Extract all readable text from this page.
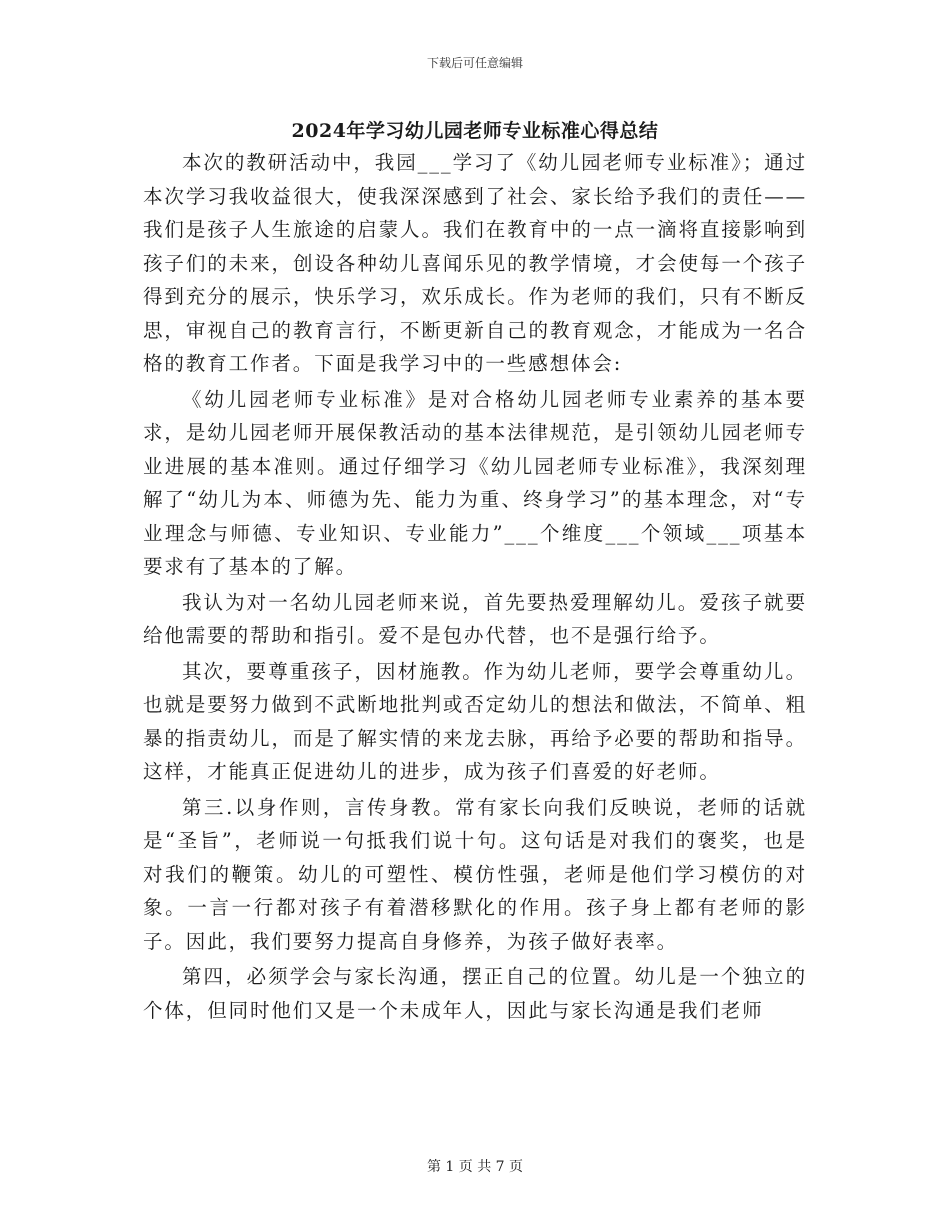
下载后可任意编辑
2024年学习幼儿园老师专业标准心得总结

本次的教研活动中，我园___学习了《幼儿园老师专业标准》；通过本次学习我收益很大，使我深深感到了社会、家长给予我们的责任——我们是孩子人生旅途的启蒙人。我们在教育中的一点一滴将直接影响到孩子们的未来，创设各种幼儿喜闻乐见的教学情境，才会使每一个孩子得到充分的展示，快乐学习，欢乐成长。作为老师的我们，只有不断反思，审视自己的教育言行，不断更新自己的教育观念，才能成为一名合格的教育工作者。下面是我学习中的一些感想体会:

《幼儿园老师专业标准》是对合格幼儿园老师专业素养的基本要求，是幼儿园老师开展保教活动的基本法律规范，是引领幼儿园老师专业进展的基本准则。通过仔细学习《幼儿园老师专业标准》，我深刻理解了“幼儿为本、师德为先、能力为重、终身学习”的基本理念，对“专业理念与师德、专业知识、专业能力”___个维度___个领域___项基本要求有了基本的了解。

我认为对一名幼儿园老师来说，首先要热爱理解幼儿。爱孩子就要给他需要的帮助和指引。爱不是包办代替，也不是强行给予。

其次，要尊重孩子，因材施教。作为幼儿老师，要学会尊重幼儿。也就是要努力做到不武断地批判或否定幼儿的想法和做法，不简单、粗暴的指责幼儿，而是了解实情的来龙去脉，再给予必要的帮助和指导。这样，才能真正促进幼儿的进步，成为孩子们喜爱的好老师。

第三.以身作则，言传身教。常有家长向我们反映说，老师的话就是“圣旨”，老师说一句抵我们说十句。这句话是对我们的褒奖，也是对我们的鞭策。幼儿的可塑性、模仿性强，老师是他们学习模仿的对象。一言一行都对孩子有着潜移默化的作用。孩子身上都有老师的影子。因此，我们要努力提高自身修养，为孩子做好表率。

第四，必须学会与家长沟通，摆正自己的位置。幼儿是一个独立的个体，但同时他们又是一个未成年人，因此与家长沟通是我们老师

第 1 页 共 7 页
